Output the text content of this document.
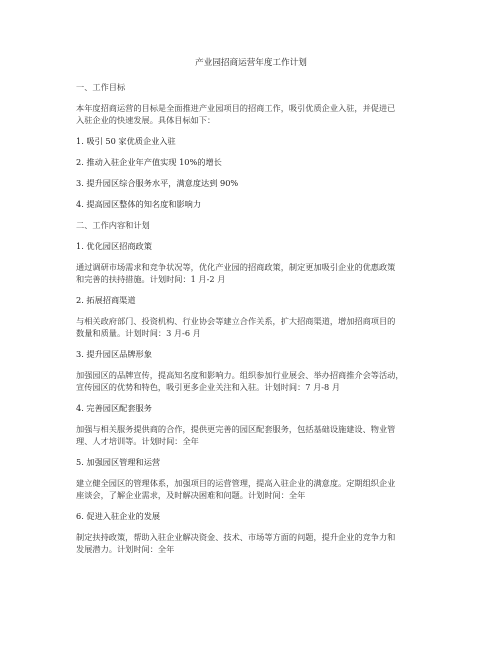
产业园招商运营年度工作计划
一、工作目标
本年度招商运营的目标是全面推进产业园项目的招商工作，吸引优质企业入驻，并促进已
入驻企业的快速发展。具体目标如下：
1. 吸引 50 家优质企业入驻
2. 推动入驻企业年产值实现 10%的增长
3. 提升园区综合服务水平，满意度达到 90%
4. 提高园区整体的知名度和影响力
二、工作内容和计划
1. 优化园区招商政策
通过调研市场需求和竞争状况等，优化产业园的招商政策，制定更加吸引企业的优惠政策
和完善的扶持措施。计划时间：1 月-2 月
2. 拓展招商渠道
与相关政府部门、投资机构、行业协会等建立合作关系，扩大招商渠道，增加招商项目的
数量和质量。计划时间：3 月-6 月
3. 提升园区品牌形象
加强园区的品牌宣传，提高知名度和影响力。组织参加行业展会、举办招商推介会等活动，
宣传园区的优势和特色，吸引更多企业关注和入驻。计划时间：7 月-8 月
4. 完善园区配套服务
加强与相关服务提供商的合作，提供更完善的园区配套服务，包括基础设施建设、物业管
理、人才培训等。计划时间：全年
5. 加强园区管理和运营
建立健全园区的管理体系，加强项目的运营管理，提高入驻企业的满意度。定期组织企业
座谈会，了解企业需求，及时解决困难和问题。计划时间：全年
6. 促进入驻企业的发展
制定扶持政策，帮助入驻企业解决资金、技术、市场等方面的问题，提升企业的竞争力和
发展潜力。计划时间：全年
